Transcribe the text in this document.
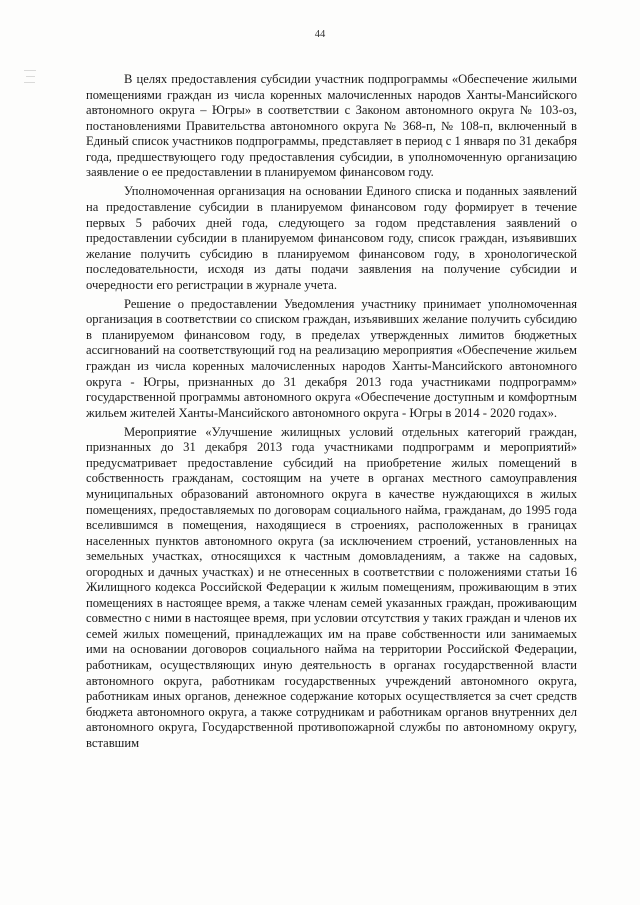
44

В целях предоставления субсидии участник подпрограммы «Обеспечение жилыми помещениями граждан из числа коренных малочисленных народов Ханты-Мансийского автономного округа – Югры» в соответствии с Законом автономного округа № 103-оз, постановлениями Правительства автономного округа № 368-п, № 108-п, включенный в Единый список участников подпрограммы, представляет в период с 1 января по 31 декабря года, предшествующего году предоставления субсидии, в уполномоченную организацию заявление о ее предоставлении в планируемом финансовом году.

Уполномоченная организация на основании Единого списка и поданных заявлений на предоставление субсидии в планируемом финансовом году формирует в течение первых 5 рабочих дней года, следующего за годом представления заявлений о предоставлении субсидии в планируемом финансовом году, список граждан, изъявивших желание получить субсидию в планируемом финансовом году, в хронологической последовательности, исходя из даты подачи заявления на получение субсидии и очередности его регистрации в журнале учета.

Решение о предоставлении Уведомления участнику принимает уполномоченная организация в соответствии со списком граждан, изъявивших желание получить субсидию в планируемом финансовом году, в пределах утвержденных лимитов бюджетных ассигнований на соответствующий год на реализацию мероприятия «Обеспечение жильем граждан из числа коренных малочисленных народов Ханты-Мансийского автономного округа - Югры, признанных до 31 декабря 2013 года участниками подпрограмм» государственной программы автономного округа «Обеспечение доступным и комфортным жильем жителей Ханты-Мансийского автономного округа - Югры в 2014 - 2020 годах».

Мероприятие «Улучшение жилищных условий отдельных категорий граждан, признанных до 31 декабря 2013 года участниками подпрограмм и мероприятий» предусматривает предоставление субсидий на приобретение жилых помещений в собственность гражданам, состоящим на учете в органах местного самоуправления муниципальных образований автономного округа в качестве нуждающихся в жилых помещениях, предоставляемых по договорам социального найма, гражданам, до 1995 года вселившимся в помещения, находящиеся в строениях, расположенных в границах населенных пунктов автономного округа (за исключением строений, установленных на земельных участках, относящихся к частным домовладениям, а также на садовых, огородных и дачных участках) и не отнесенных в соответствии с положениями статьи 16 Жилищного кодекса Российской Федерации к жилым помещениям, проживающим в этих помещениях в настоящее время, а также членам семей указанных граждан, проживающим совместно с ними в настоящее время, при условии отсутствия у таких граждан и членов их семей жилых помещений, принадлежащих им на праве собственности или занимаемых ими на основании договоров социального найма на территории Российской Федерации, работникам, осуществляющих иную деятельность в органах государственной власти автономного округа, работникам государственных учреждений автономного округа, работникам иных органов, денежное содержание которых осуществляется за счет средств бюджета автономного округа, а также сотрудникам и работникам органов внутренних дел автономного округа, Государственной противопожарной службы по автономному округу, вставшим
